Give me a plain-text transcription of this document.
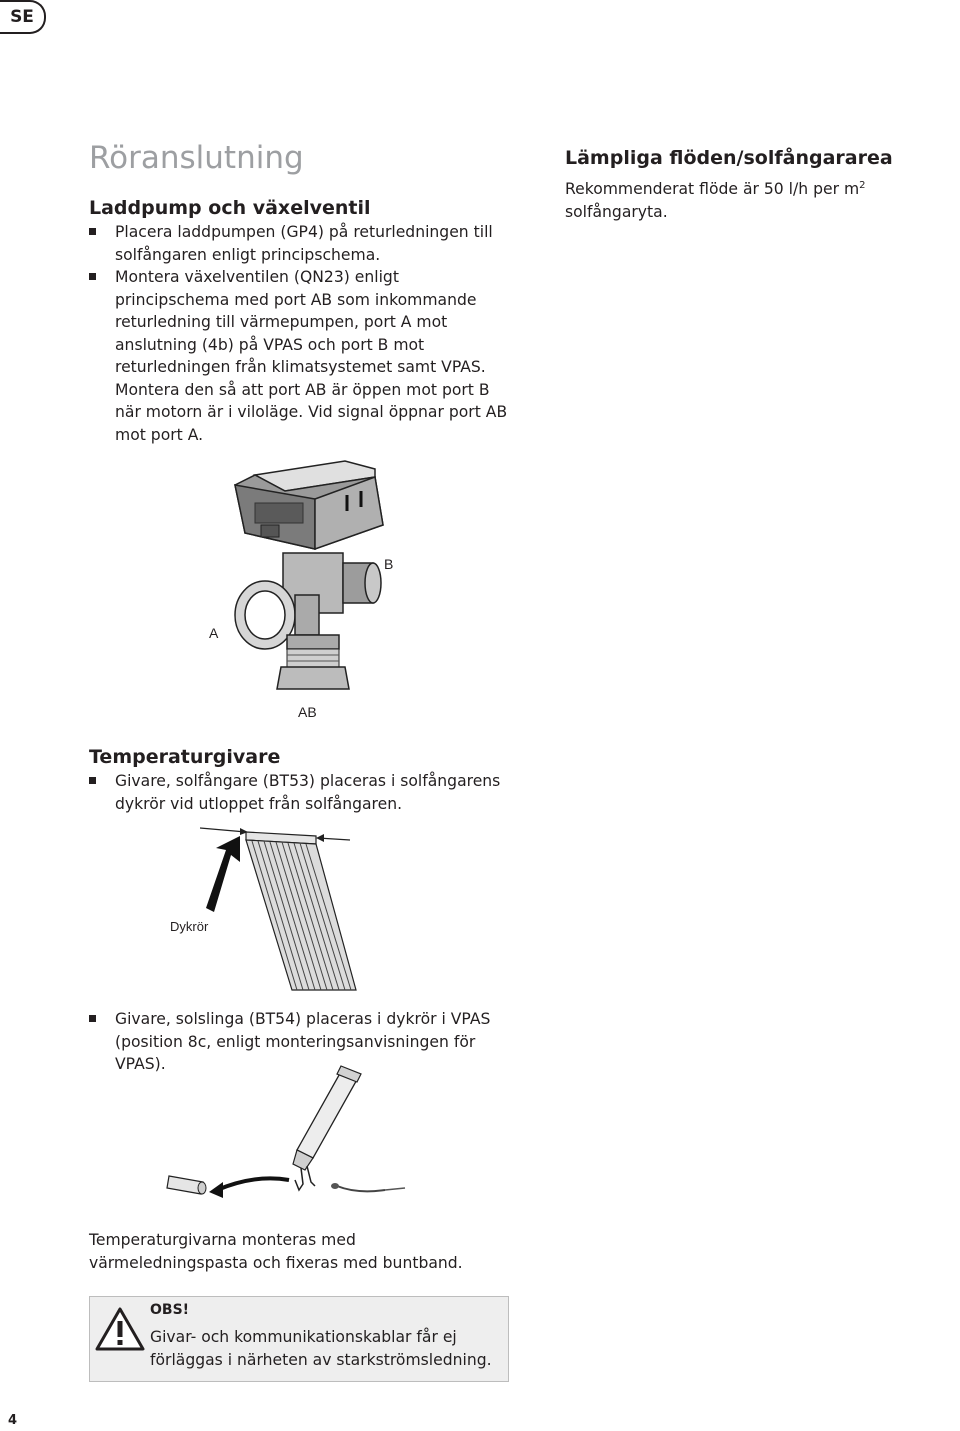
SE
Röranslutning
Laddpump och växelventil
Placera laddpumpen (GP4) på returledningen till solfångaren enligt principschema.
Montera växelventilen (QN23) enligt principschema med port AB som inkommande returledning till värmepumpen, port A mot anslutning (4b) på VPAS och port B mot returledningen från klimatsystemet samt VPAS. Montera den så att port AB är öppen mot port B när motorn är i viloläge. Vid signal öppnar port AB mot port A.
Lämpliga flöden/solfångararea
Rekommenderat flöde är 50 l/h per $m^2$ solfångaryta.
B
A
AB
Temperaturgivare
Givare, solfångare (BT53) placeras i solfångarens dykrör vid utloppet från solfångaren.
Dykrör
Givare, solslinga (BT54) placeras i dykrör i VPAS (position 8c, enligt monteringsanvisningen för VPAS).
Temperaturgivarna monteras med värmeledningspasta och fixeras med buntband.
OBS!
Givar- och kommunikationskablar får ej förläggas i närheten av starkströmsledning.
4
